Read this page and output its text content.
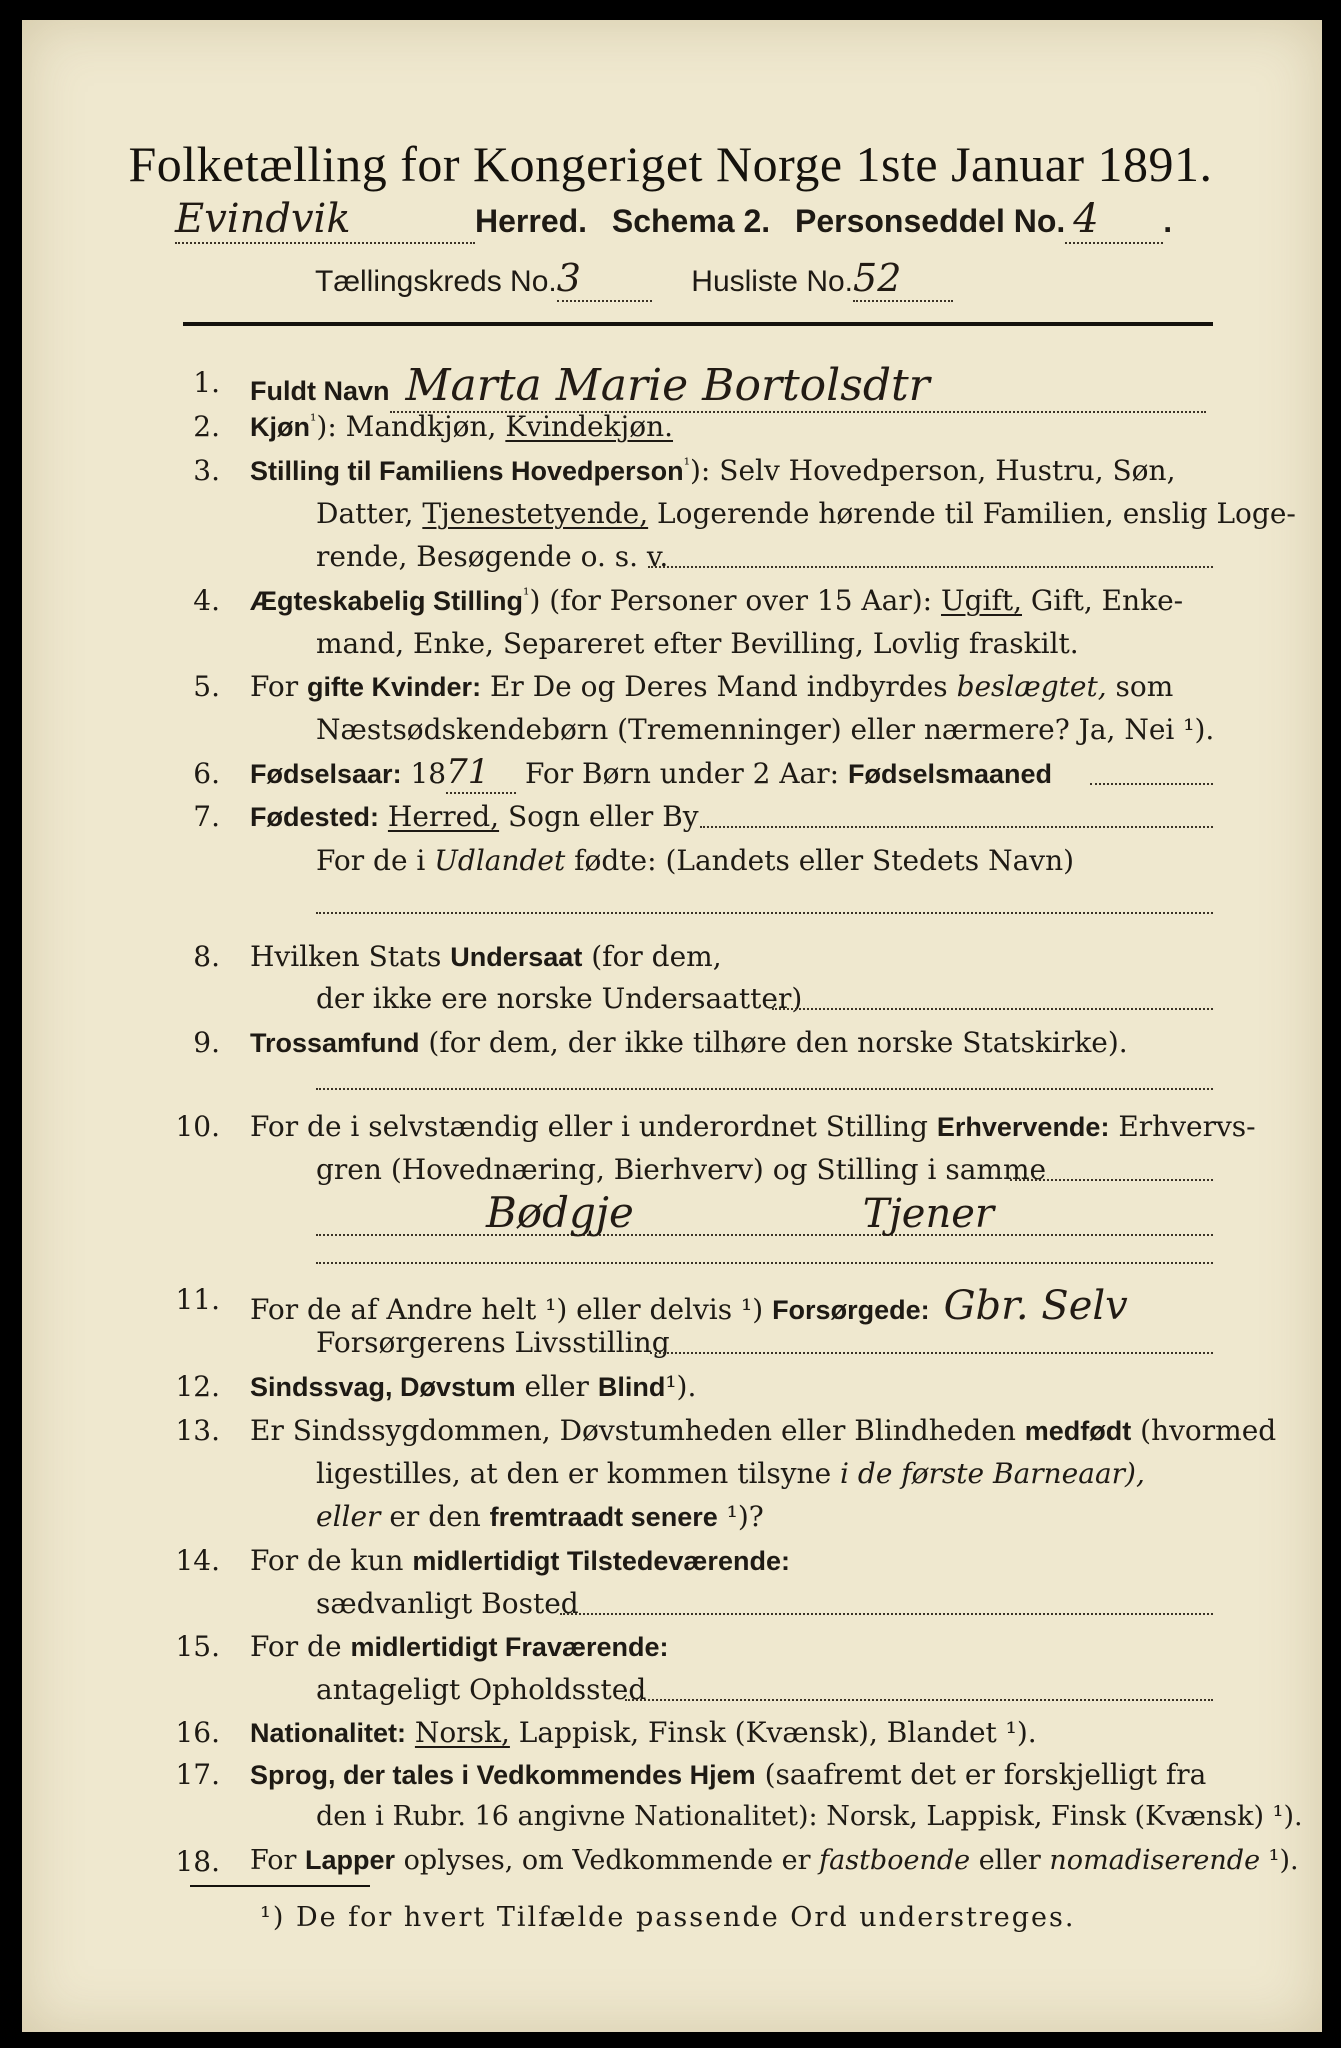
Folketælling for Kongeriget Norge 1ste Januar 1891.
Evindvik	Herred. Schema 2. Personseddel No. 4 .
Tællingskreds No.3	Husliste No.52
1. Fuldt Navn Marta Marie Bortolsdtr
2. Kjøn$^{^1}$): Mandkjøn, Kvindekjøn.
3. Stilling til Familiens Hovedperson$^{^1}$): Selv Hovedperson, Hustru, Søn,
Datter, Tjenestetyende, Logerende hørende til Familien, enslig Loge-
rende, Besøgende o. s. v.
4. Ægteskabelig Stilling$^{^1}$) (for Personer over 15 Aar): Ugift, Gift, Enke-
mand, Enke, Separeret efter Bevilling, Lovlig fraskilt.
5. For gifte Kvinder: Er De og Deres Mand indbyrdes beslægtet, som
Næstsødskendebørn (Tremenninger) eller nærmere? Ja, Nei ¹).
6. Fødselsaar: 1871 For Børn under 2 Aar: Fødselsmaaned
7. Fødested: Herred, Sogn eller By
For de i Udlandet fødte: (Landets eller Stedets Navn)
8. Hvilken Stats Undersaat (for dem,
der ikke ere norske Undersaatter)
9. Trossamfund (for dem, der ikke tilhøre den norske Statskirke).
10. For de i selvstændig eller i underordnet Stilling Erhvervende: Erhvervs-
gren (Hovednæring, Bierhverv) og Stilling i samme
Bødgje	Tjener
11. For de af Andre helt ¹) eller delvis ¹) Forsørgede: Gbr. Selv
Forsørgerens Livsstilling
12. Sindssvag, Døvstum eller Blind¹).
13. Er Sindssygdommen, Døvstumheden eller Blindheden medfødt (hvormed
ligestilles, at den er kommen tilsyne i de første Barneaar),
eller er den fremtraadt senere ¹)?
14. For de kun midlertidigt Tilstedeværende:
sædvanligt Bosted
15. For de midlertidigt Fraværende:
antageligt Opholdssted
16. Nationalitet: Norsk, Lappisk, Finsk (Kvænsk), Blandet ¹).
17. Sprog, der tales i Vedkommendes Hjem (saafremt det er forskjelligt fra
den i Rubr. 16 angivne Nationalitet): Norsk, Lappisk, Finsk (Kvænsk) ¹).
18. For Lapper oplyses, om Vedkommende er fastboende eller nomadiserende ¹).
¹) De for hvert Tilfælde passende Ord understreges.
